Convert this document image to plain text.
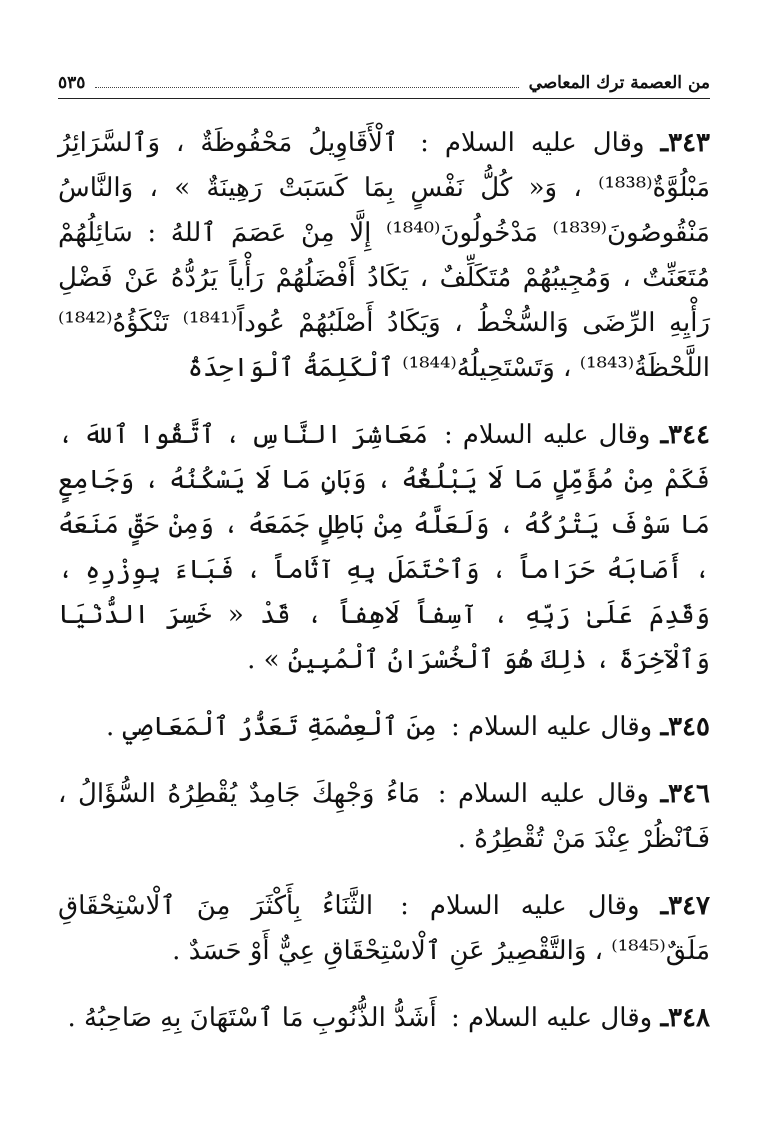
من العصمة ترك المعاصي
٥٣٥

٣٤٣ـ وقال عليه السلام : ٱلْأَقَاوِيلُ مَحْفُوظَةٌ ، وَٱلسَّرَائِرُ مَبْلُوَّةٌ⁽¹⁸³⁸⁾ ، وَ« كُلُّ نَفْسٍ بِمَا كَسَبَتْ رَهِينَةٌ » ، وَالنَّاسُ مَنْقُوصُونَ⁽¹⁸³⁹⁾ مَدْخُولُونَ⁽¹⁸⁴⁰⁾ إِلَّا مِنْ عَصَمَ ٱللهُ : سَائِلُهُمْ مُتَعَنِّتٌ ، وَمُجِيبُهُمْ مُتَكَلِّفٌ ، يَكَادُ أَفْضَلُهُمْ رَأْياً يَرُدُّهُ عَنْ فَضْلِ رَأْيِهِ الرِّضَى وَالسُّخْطُ ، وَيَكَادُ أَصْلَبُهُمْ عُوداً⁽¹⁸⁴¹⁾ تَنْكَؤُهُ⁽¹⁸⁴²⁾ اللَّحْظَةُ⁽¹⁸⁴³⁾ ، وَتَسْتَحِيلُهُ⁽¹⁸⁴⁴⁾ ٱلْكَلِمَةُ ٱلْوَاحِدَةُ

٣٤٤ـ وقال عليه السلام : مَعَاشِرَ النَّاسِ ، ٱتَّقُوا ٱللهَ ، فَكَمْ مِنْ مُؤَمِّلٍ مَا لَا يَبْلُغُهُ ، وَبَانٍ مَا لَا يَسْكُنُهُ ، وَجَامِعٍ مَا سَوْفَ يَتْرُكُهُ ، وَلَعَلَّهُ مِنْ بَاطِلٍ جَمَعَهُ ، وَمِنْ حَقٍّ مَنَعَهُ ، أَصَابَهُ حَرَاماً ، وَٱحْتَمَلَ بِهِ آثَاماً ، فَبَاءَ بِوِزْرِهِ ، وَقَدِمَ عَلَىٰ رَبِّهِ ، آسِفاً لَاهِفاً ، قَدْ « خَسِرَ الدُّنْيَا وَٱلْآخِرَةَ ، ذٰلِكَ هُوَ ٱلْخُسْرَانُ ٱلْمُبِينُ » .

٣٤٥ـ وقال عليه السلام : مِنَ ٱلْعِصْمَةِ تَعَذُّرُ ٱلْمَعَاصِي .

٣٤٦ـ وقال عليه السلام : مَاءُ وَجْهِكَ جَامِدٌ يُقْطِرُهُ السُّؤَالُ ، فَٱنْظُرْ عِنْدَ مَنْ تُقْطِرُهُ .

٣٤٧ـ وقال عليه السلام : الثَّنَاءُ بِأَكْثَرَ مِنَ ٱلْاسْتِحْقَاقِ مَلَقٌ⁽¹⁸⁴⁵⁾ ، وَالتَّقْصِيرُ عَنِ ٱلْاسْتِحْقَاقِ عِيٌّ أَوْ حَسَدٌ .

٣٤٨ـ وقال عليه السلام : أَشَدُّ الذُّنُوبِ مَا ٱسْتَهَانَ بِهِ صَاحِبُهُ .
